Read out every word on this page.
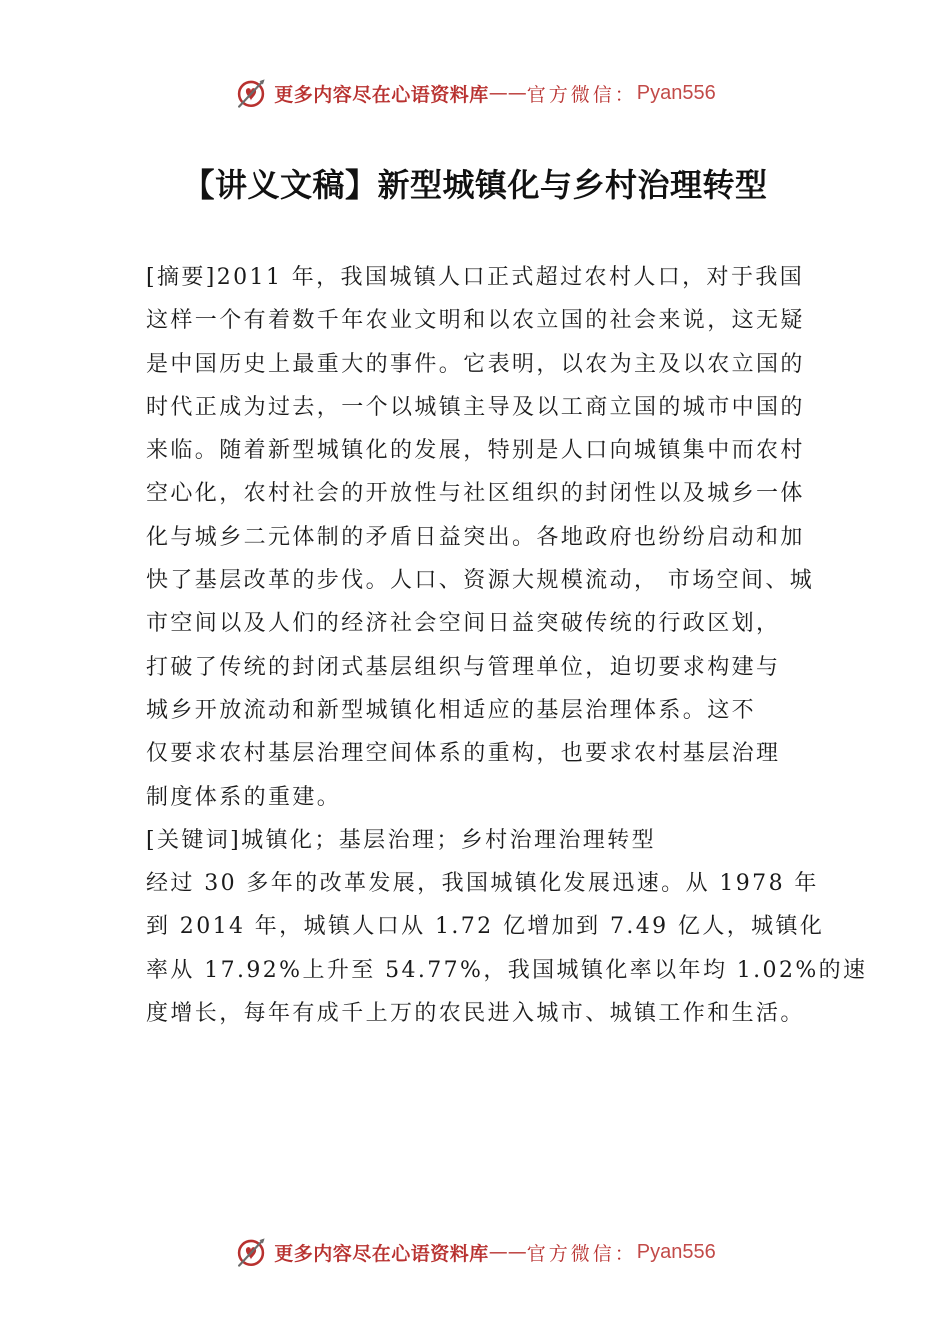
更多内容尽在心语资料库 —— 官方微信： Pyan556
【讲义文稿】新型城镇化与乡村治理转型
[摘要]2011 年，我国城镇人口正式超过农村人口，对于我国
这样一个有着数千年农业文明和以农立国的社会来说，这无疑
是中国历史上最重大的事件。它表明，以农为主及以农立国的
时代正成为过去，一个以城镇主导及以工商立国的城市中国的
来临。随着新型城镇化的发展，特别是人口向城镇集中而农村
空心化，农村社会的开放性与社区组织的封闭性以及城乡一体
化与城乡二元体制的矛盾日益突出。各地政府也纷纷启动和加
快了基层改革的步伐。人口、资源大规模流动， 市场空间、城
市空间以及人们的经济社会空间日益突破传统的行政区划，
打破了传统的封闭式基层组织与管理单位，迫切要求构建与
城乡开放流动和新型城镇化相适应的基层治理体系。这不
仅要求农村基层治理空间体系的重构，也要求农村基层治理
制度体系的重建。
[关键词]城镇化；基层治理；乡村治理治理转型
经过 30 多年的改革发展，我国城镇化发展迅速。从 1978 年
到 2014 年，城镇人口从 1.72 亿增加到 7.49 亿人，城镇化
率从 17.92%上升至 54.77%，我国城镇化率以年均 1.02%的速
度增长，每年有成千上万的农民进入城市、城镇工作和生活。
更多内容尽在心语资料库 —— 官方微信： Pyan556
